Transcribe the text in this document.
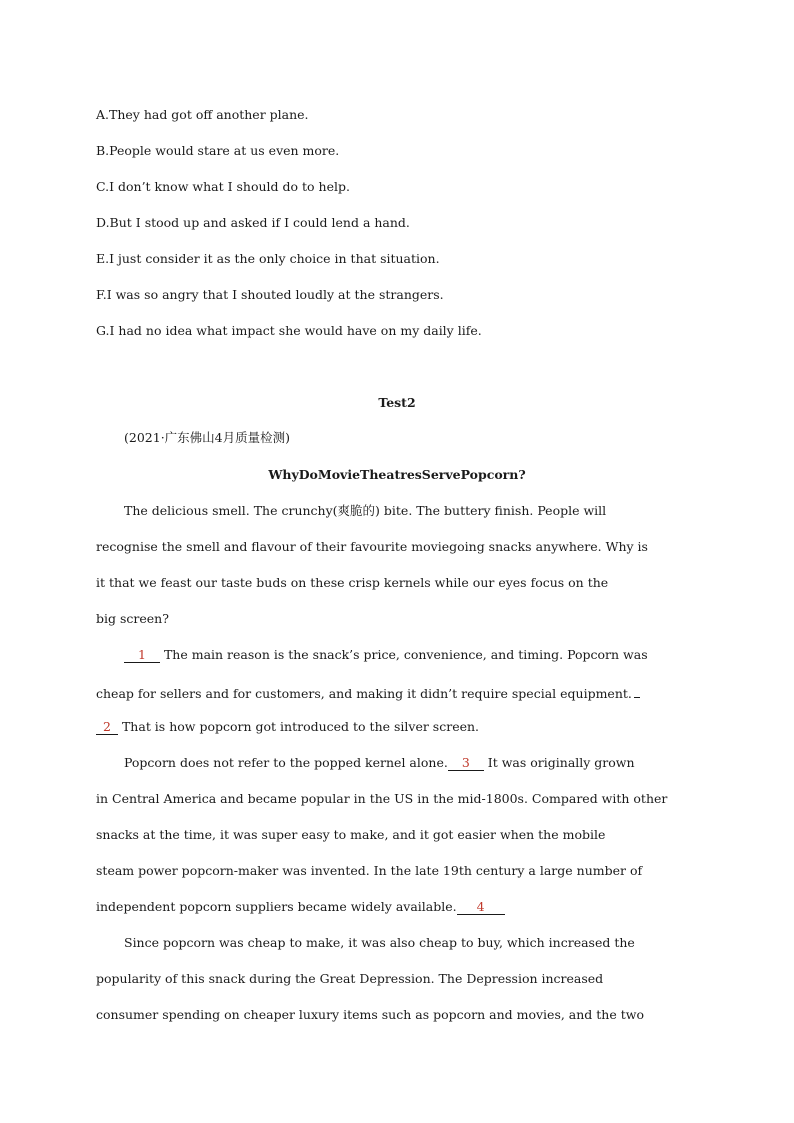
A.They had got off another plane.
B.People would stare at us even more.
C.I don’t know what I should do to help.
D.But I stood up and asked if I could lend a hand.
E.I just consider it as the only choice in that situation.
F.I was so angry that I shouted loudly at the strangers.
G.I had no idea what impact she would have on my daily life.
Test2
(2021·广东佛山4月质量检测)
WhyDoMovieTheatresServePopcorn?
The delicious smell. The crunchy(爽脆的) bite. The buttery finish. People will
recognise the smell and flavour of their favourite moviegoing snacks anywhere. Why is
it that we feast our taste buds on these crisp kernels while our eyes focus on the
big screen?
1 The main reason is the snack’s price, convenience, and timing. Popcorn was
cheap for sellers and for customers, and making it didn’t require special equipment.
2 That is how popcorn got introduced to the silver screen.
Popcorn does not refer to the popped kernel alone. 3 It was originally grown
in Central America and became popular in the US in the mid-1800s. Compared with other
snacks at the time, it was super easy to make, and it got easier when the mobile
steam power popcorn-maker was invented. In the late 19th century a large number of
independent popcorn suppliers became widely available. 4
Since popcorn was cheap to make, it was also cheap to buy, which increased the
popularity of this snack during the Great Depression. The Depression increased
consumer spending on cheaper luxury items such as popcorn and movies, and the two
